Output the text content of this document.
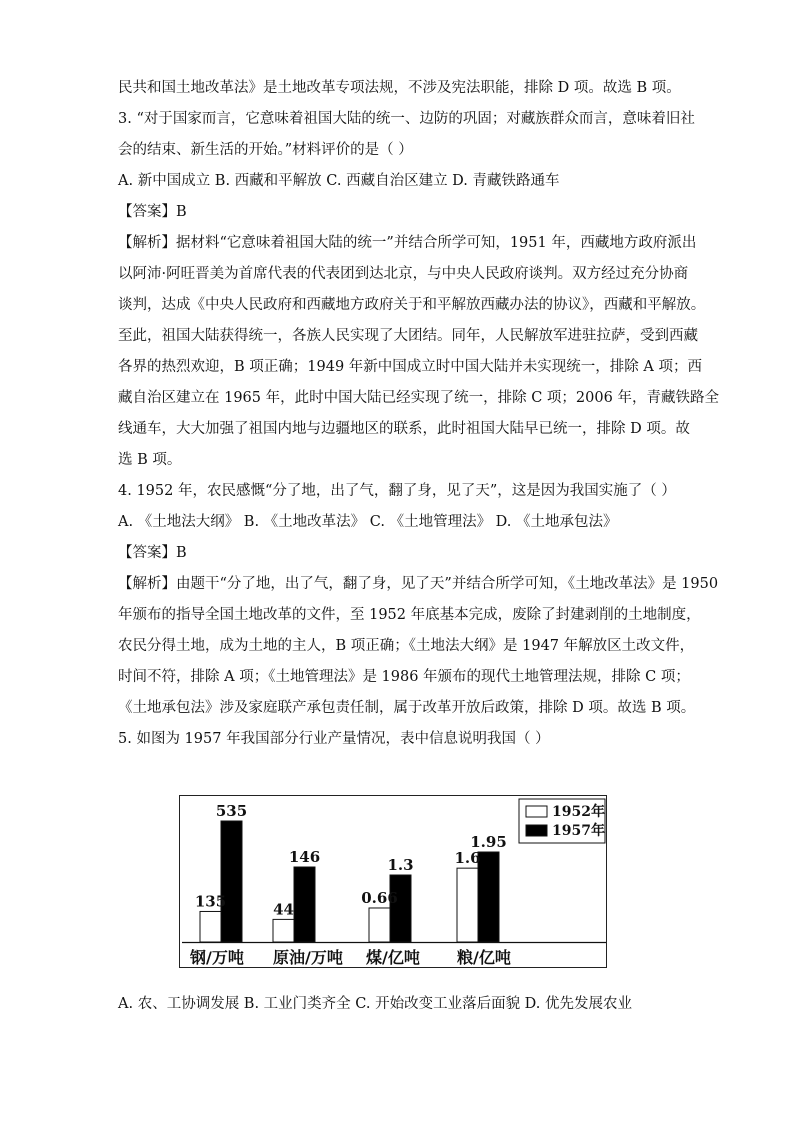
民共和国土地改革法》是土地改革专项法规，不涉及宪法职能，排除 D 项。故选 B 项。
3. “对于国家而言，它意味着祖国大陆的统一、边防的巩固；对藏族群众而言，意味着旧社
会的结束、新生活的开始。”材料评价的是（ ）
A. 新中国成立 B. 西藏和平解放 C. 西藏自治区建立 D. 青藏铁路通车
【答案】B
【解析】据材料“它意味着祖国大陆的统一”并结合所学可知，1951 年，西藏地方政府派出
以阿沛·阿旺晋美为首席代表的代表团到达北京，与中央人民政府谈判。双方经过充分协商
谈判，达成《中央人民政府和西藏地方政府关于和平解放西藏办法的协议》，西藏和平解放。
至此，祖国大陆获得统一，各族人民实现了大团结。同年，人民解放军进驻拉萨，受到西藏
各界的热烈欢迎，B 项正确；1949 年新中国成立时中国大陆并未实现统一，排除 A 项；西
藏自治区建立在 1965 年，此时中国大陆已经实现了统一，排除 C 项；2006 年，青藏铁路全
线通车，大大加强了祖国内地与边疆地区的联系，此时祖国大陆早已统一，排除 D 项。故
选 B 项。
4. 1952 年，农民感慨“分了地，出了气，翻了身，见了天”，这是因为我国实施了（ ）
A. 《土地法大纲》 B. 《土地改革法》 C. 《土地管理法》 D. 《土地承包法》
【答案】B
【解析】由题干“分了地，出了气，翻了身，见了天”并结合所学可知，《土地改革法》是 1950
年颁布的指导全国土地改革的文件，至 1952 年底基本完成，废除了封建剥削的土地制度，
农民分得土地，成为土地的主人，B 项正确；《土地法大纲》是 1947 年解放区土改文件，
时间不符，排除 A 项；《土地管理法》是 1986 年颁布的现代土地管理法规，排除 C 项；
《土地承包法》涉及家庭联产承包责任制，属于改革开放后政策，排除 D 项。故选 B 项。
5. 如图为 1957 年我国部分行业产量情况，表中信息说明我国（ ）
135
535
44
146
0.66
1.3	1.6
1.95
钢/万吨 原油/万吨 煤/亿吨 粮/亿吨
1952年
1957年
A. 农、工协调发展 B. 工业门类齐全 C. 开始改变工业落后面貌 D. 优先发展农业
